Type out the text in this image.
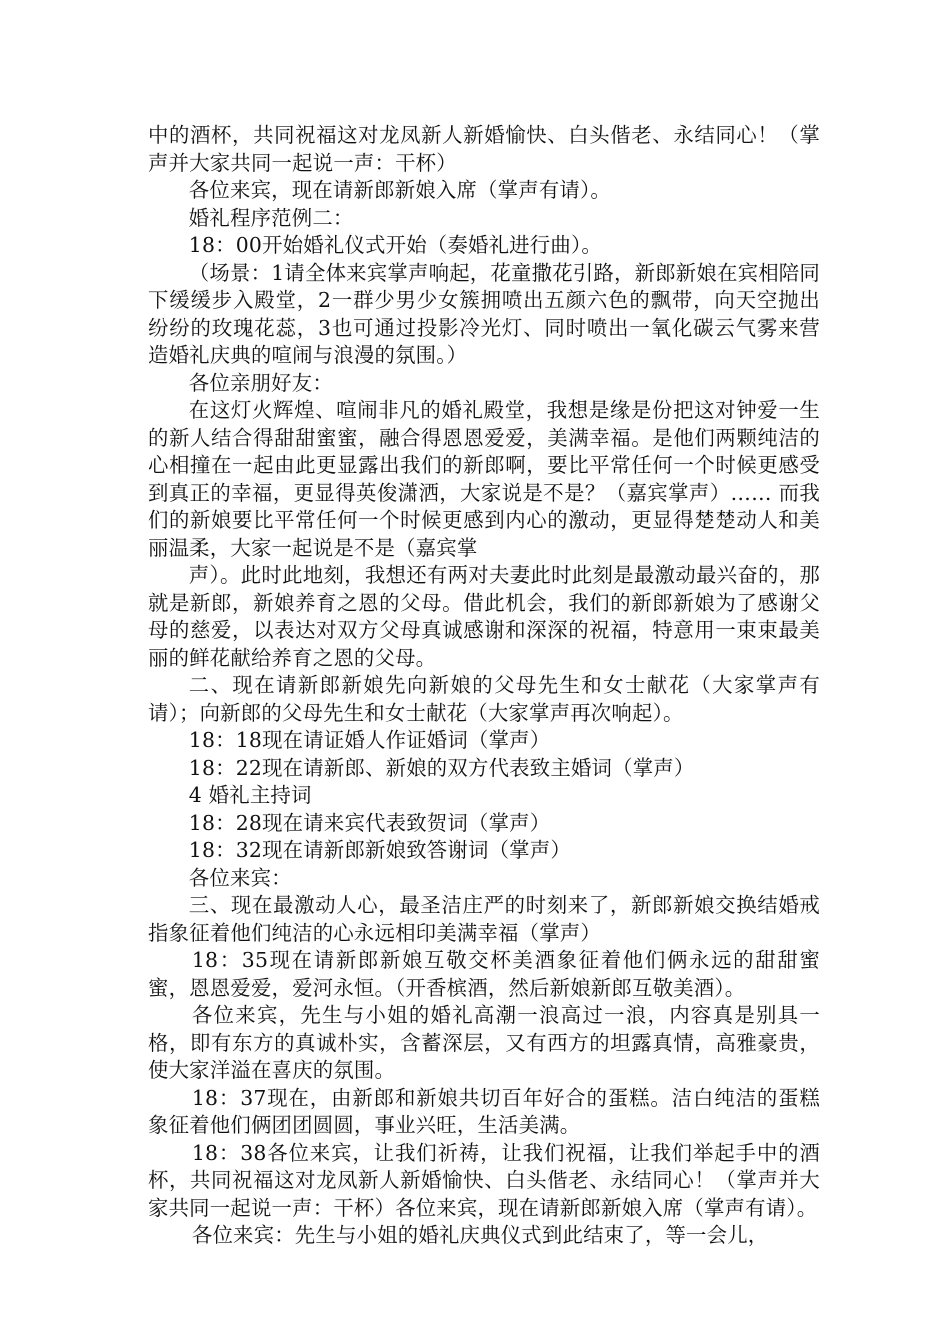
中的酒杯，共同祝福这对龙凤新人新婚愉快、白头偕老、永结同心！（掌声并大家共同一起说一声：干杯）

各位来宾，现在请新郎新娘入席（掌声有请）。

婚礼程序范例二：

18：00开始婚礼仪式开始（奏婚礼进行曲）。

（场景：1请全体来宾掌声响起，花童撒花引路，新郎新娘在宾相陪同下缓缓步入殿堂，2一群少男少女簇拥喷出五颜六色的飘带，向天空抛出纷纷的玫瑰花蕊，3也可通过投影冷光灯、同时喷出一氧化碳云气雾来营造婚礼庆典的喧闹与浪漫的氛围。）

各位亲朋好友：

在这灯火辉煌、喧闹非凡的婚礼殿堂，我想是缘是份把这对钟爱一生的新人结合得甜甜蜜蜜，融合得恩恩爱爱，美满幸福。是他们两颗纯洁的心相撞在一起由此更显露出我们的新郎啊，要比平常任何一个时候更感受到真正的幸福，更显得英俊潇洒，大家说是不是？（嘉宾掌声）…… 而我们的新娘要比平常任何一个时候更感到内心的激动，更显得楚楚动人和美丽温柔，大家一起说是不是（嘉宾掌

声）。此时此地刻，我想还有两对夫妻此时此刻是最激动最兴奋的，那就是新郎，新娘养育之恩的父母。借此机会，我们的新郎新娘为了感谢父母的慈爱，以表达对双方父母真诚感谢和深深的祝福，特意用一束束最美丽的鲜花献给养育之恩的父母。

二、现在请新郎新娘先向新娘的父母先生和女士献花（大家掌声有请）；向新郎的父母先生和女士献花（大家掌声再次响起）。

18：18现在请证婚人作证婚词（掌声）

18：22现在请新郎、新娘的双方代表致主婚词（掌声）

4 婚礼主持词

18：28现在请来宾代表致贺词（掌声）

18：32现在请新郎新娘致答谢词（掌声）

各位来宾：

三、现在最激动人心，最圣洁庄严的时刻来了，新郎新娘交换结婚戒指象征着他们纯洁的心永远相印美满幸福（掌声）

18：35现在请新郎新娘互敬交杯美酒象征着他们俩永远的甜甜蜜蜜，恩恩爱爱，爱河永恒。（开香槟酒，然后新娘新郎互敬美酒）。

各位来宾，先生与小姐的婚礼高潮一浪高过一浪，内容真是别具一格，即有东方的真诚朴实，含蓄深层，又有西方的坦露真情，高雅豪贵，使大家洋溢在喜庆的氛围。

18：37现在，由新郎和新娘共切百年好合的蛋糕。洁白纯洁的蛋糕象征着他们俩团团圆圆，事业兴旺，生活美满。

18：38各位来宾，让我们祈祷，让我们祝福，让我们举起手中的酒杯，共同祝福这对龙凤新人新婚愉快、白头偕老、永结同心！（掌声并大家共同一起说一声：干杯）各位来宾，现在请新郎新娘入席（掌声有请）。

各位来宾：先生与小姐的婚礼庆典仪式到此结束了，等一会儿，
